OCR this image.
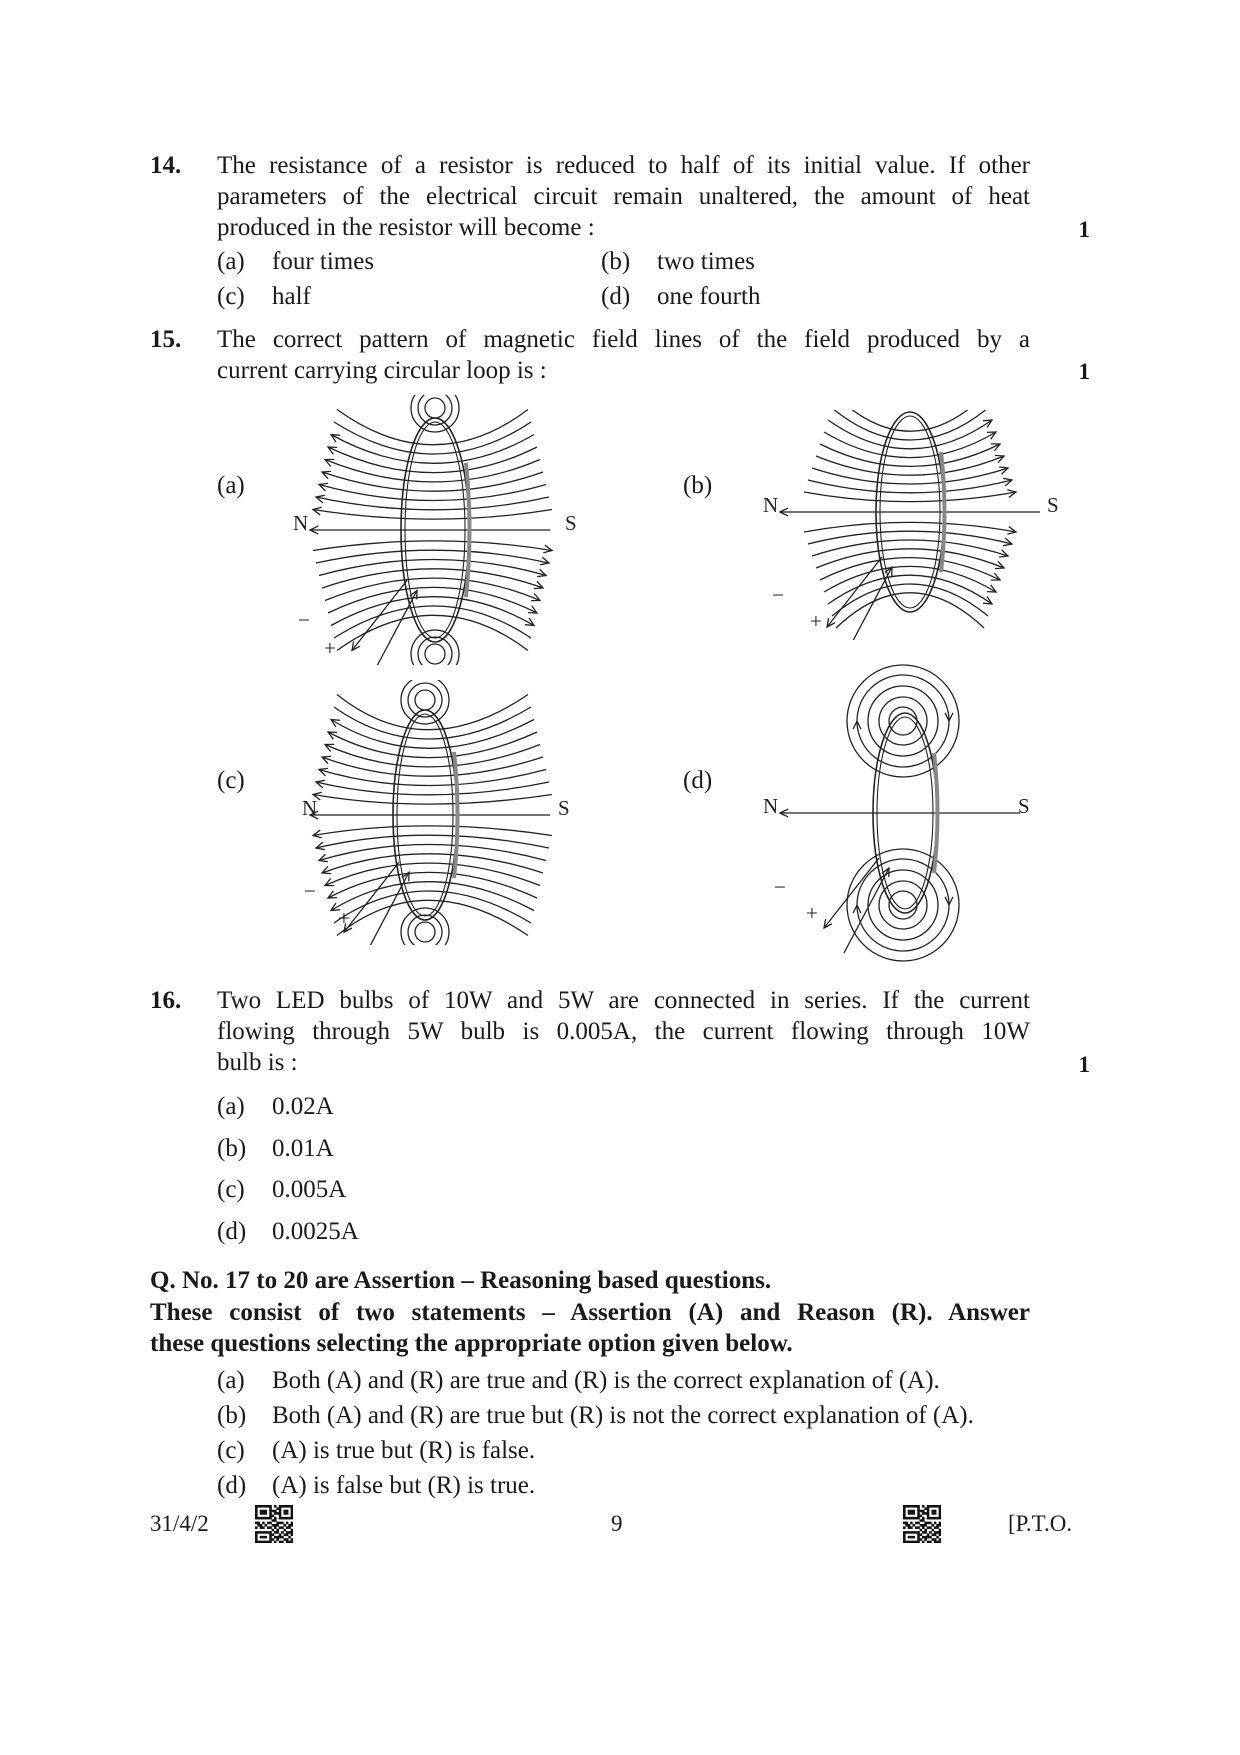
14. The resistance of a resistor is reduced to half of its initial value. If other
parameters of the electrical circuit remain unaltered, the amount of heat
produced in the resistor will become :	1
(a) four times	(b) two times
(c) half	(d) one fourth
15. The correct pattern of magnetic field lines of the field produced by a
current carrying circular loop is :	1
(a)	(b)
(c)	(d)
N	S
−
+
N	S
−
+
N	S
−
+
N	S
−
+
16. Two LED bulbs of 10W and 5W are connected in series. If the current
flowing through 5W bulb is 0.005A, the current flowing through 10W
bulb is :	1
(a) 0.02A
(b) 0.01A
(c) 0.005A
(d) 0.0025A
Q. No. 17 to 20 are Assertion – Reasoning based questions.
These consist of two statements – Assertion (A) and Reason (R). Answer
these questions selecting the appropriate option given below.
(a) Both (A) and (R) are true and (R) is the correct explanation of (A).
(b) Both (A) and (R) are true but (R) is not the correct explanation of (A).
(c) (A) is true but (R) is false.
(d) (A) is false but (R) is true.
31/4/2	9	[P.T.O.
